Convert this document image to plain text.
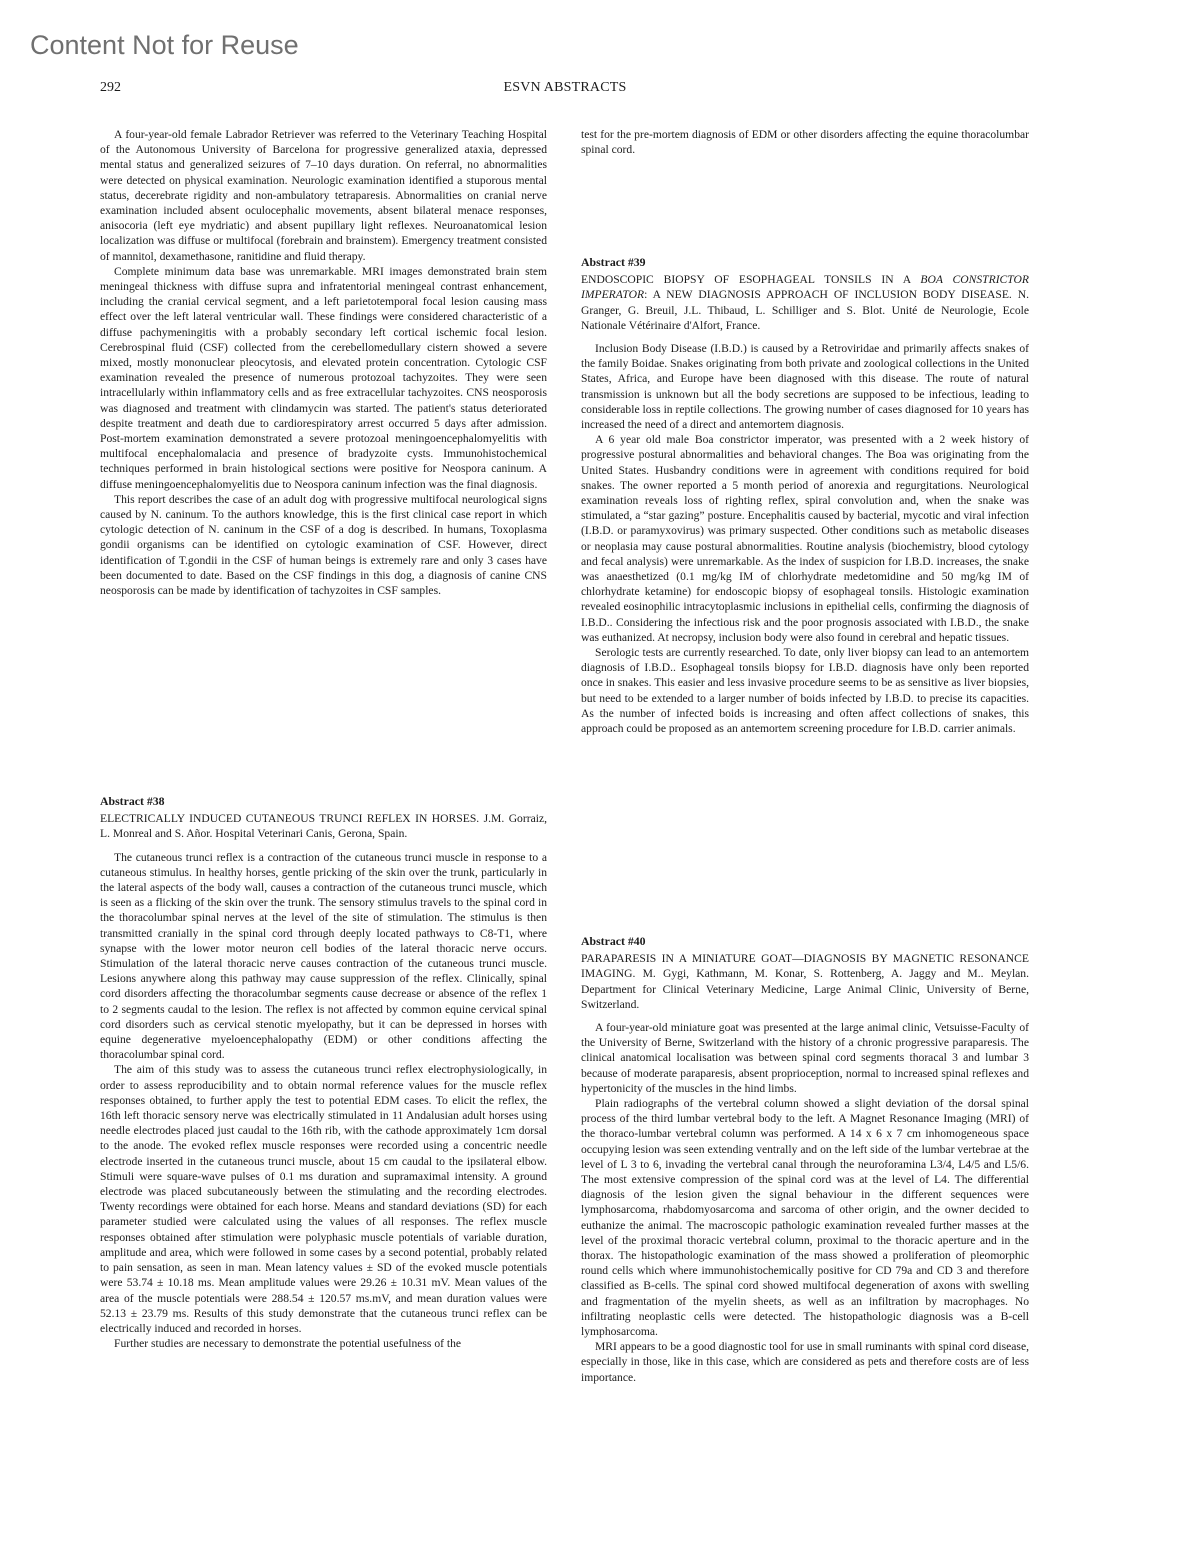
Content Not for Reuse
292	ESVN ABSTRACTS

A four-year-old female Labrador Retriever was referred to the Veterinary Teaching Hospital of the Autonomous University of Barcelona for progressive generalized ataxia, depressed mental status and generalized seizures of 7–10 days duration. On referral, no abnormalities were detected on physical examination. Neurologic examination identified a stuporous mental status, decerebrate rigidity and non-ambulatory tetraparesis. Abnormalities on cranial nerve examination included absent oculocephalic movements, absent bilateral menace responses, anisocoria (left eye mydriatic) and absent pupillary light reflexes. Neuroanatomical lesion localization was diffuse or multifocal (forebrain and brainstem). Emergency treatment consisted of mannitol, dexamethasone, ranitidine and fluid therapy.

Complete minimum data base was unremarkable. MRI images demonstrated brain stem meningeal thickness with diffuse supra and infratentorial meningeal contrast enhancement, including the cranial cervical segment, and a left parietotemporal focal lesion causing mass effect over the left lateral ventricular wall. These findings were considered characteristic of a diffuse pachymeningitis with a probably secondary left cortical ischemic focal lesion. Cerebrospinal fluid (CSF) collected from the cerebellomedullary cistern showed a severe mixed, mostly mononuclear pleocytosis, and elevated protein concentration. Cytologic CSF examination revealed the presence of numerous protozoal tachyzoites. They were seen intracellularly within inflammatory cells and as free extracellular tachyzoites. CNS neosporosis was diagnosed and treatment with clindamycin was started. The patient's status deteriorated despite treatment and death due to cardiorespiratory arrest occurred 5 days after admission. Post-mortem examination demonstrated a severe protozoal meningoencephalomyelitis with multifocal encephalomalacia and presence of bradyzoite cysts. Immunohistochemical techniques performed in brain histological sections were positive for Neospora caninum. A diffuse meningoencephalomyelitis due to Neospora caninum infection was the final diagnosis.

This report describes the case of an adult dog with progressive multifocal neurological signs caused by N. caninum. To the authors knowledge, this is the first clinical case report in which cytologic detection of N. caninum in the CSF of a dog is described. In humans, Toxoplasma gondii organisms can be identified on cytologic examination of CSF. However, direct identification of T.gondii in the CSF of human beings is extremely rare and only 3 cases have been documented to date. Based on the CSF findings in this dog, a diagnosis of canine CNS neosporosis can be made by identification of tachyzoites in CSF samples.

Abstract #38
ELECTRICALLY INDUCED CUTANEOUS TRUNCI REFLEX IN HORSES. J.M. Gorraiz, L. Monreal and S. Añor. Hospital Veterinari Canis, Gerona, Spain.

The cutaneous trunci reflex is a contraction of the cutaneous trunci muscle in response to a cutaneous stimulus. In healthy horses, gentle pricking of the skin over the trunk, particularly in the lateral aspects of the body wall, causes a contraction of the cutaneous trunci muscle, which is seen as a flicking of the skin over the trunk. The sensory stimulus travels to the spinal cord in the thoracolumbar spinal nerves at the level of the site of stimulation. The stimulus is then transmitted cranially in the spinal cord through deeply located pathways to C8-T1, where synapse with the lower motor neuron cell bodies of the lateral thoracic nerve occurs. Stimulation of the lateral thoracic nerve causes contraction of the cutaneous trunci muscle. Lesions anywhere along this pathway may cause suppression of the reflex. Clinically, spinal cord disorders affecting the thoracolumbar segments cause decrease or absence of the reflex 1 to 2 segments caudal to the lesion. The reflex is not affected by common equine cervical spinal cord disorders such as cervical stenotic myelopathy, but it can be depressed in horses with equine degenerative myeloencephalopathy (EDM) or other conditions affecting the thoracolumbar spinal cord.

The aim of this study was to assess the cutaneous trunci reflex electrophysiologically, in order to assess reproducibility and to obtain normal reference values for the muscle reflex responses obtained, to further apply the test to potential EDM cases. To elicit the reflex, the 16th left thoracic sensory nerve was electrically stimulated in 11 Andalusian adult horses using needle electrodes placed just caudal to the 16th rib, with the cathode approximately 1cm dorsal to the anode. The evoked reflex muscle responses were recorded using a concentric needle electrode inserted in the cutaneous trunci muscle, about 15 cm caudal to the ipsilateral elbow. Stimuli were square-wave pulses of 0.1 ms duration and supramaximal intensity. A ground electrode was placed subcutaneously between the stimulating and the recording electrodes. Twenty recordings were obtained for each horse. Means and standard deviations (SD) for each parameter studied were calculated using the values of all responses. The reflex muscle responses obtained after stimulation were polyphasic muscle potentials of variable duration, amplitude and area, which were followed in some cases by a second potential, probably related to pain sensation, as seen in man. Mean latency values ± SD of the evoked muscle potentials were 53.74 ± 10.18 ms. Mean amplitude values were 29.26 ± 10.31 mV. Mean values of the area of the muscle potentials were 288.54 ± 120.57 ms.mV, and mean duration values were 52.13 ± 23.79 ms. Results of this study demonstrate that the cutaneous trunci reflex can be electrically induced and recorded in horses.

Further studies are necessary to demonstrate the potential usefulness of the

test for the pre-mortem diagnosis of EDM or other disorders affecting the equine thoracolumbar spinal cord.

Abstract #39
ENDOSCOPIC BIOPSY OF ESOPHAGEAL TONSILS IN A BOA CONSTRICTOR IMPERATOR: A NEW DIAGNOSIS APPROACH OF INCLUSION BODY DISEASE. N. Granger, G. Breuil, J.L. Thibaud, L. Schilliger and S. Blot. Unité de Neurologie, Ecole Nationale Vétérinaire d'Alfort, France.

Inclusion Body Disease (I.B.D.) is caused by a Retroviridae and primarily affects snakes of the family Boidae. Snakes originating from both private and zoological collections in the United States, Africa, and Europe have been diagnosed with this disease. The route of natural transmission is unknown but all the body secretions are supposed to be infectious, leading to considerable loss in reptile collections. The growing number of cases diagnosed for 10 years has increased the need of a direct and antemortem diagnosis.

A 6 year old male Boa constrictor imperator, was presented with a 2 week history of progressive postural abnormalities and behavioral changes. The Boa was originating from the United States. Husbandry conditions were in agreement with conditions required for boid snakes. The owner reported a 5 month period of anorexia and regurgitations. Neurological examination reveals loss of righting reflex, spiral convolution and, when the snake was stimulated, a “star gazing” posture. Encephalitis caused by bacterial, mycotic and viral infection (I.B.D. or paramyxovirus) was primary suspected. Other conditions such as metabolic diseases or neoplasia may cause postural abnormalities. Routine analysis (biochemistry, blood cytology and fecal analysis) were unremarkable. As the index of suspicion for I.B.D. increases, the snake was anaesthetized (0.1 mg/kg IM of chlorhydrate medetomidine and 50 mg/kg IM of chlorhydrate ketamine) for endoscopic biopsy of esophageal tonsils. Histologic examination revealed eosinophilic intracytoplasmic inclusions in epithelial cells, confirming the diagnosis of I.B.D.. Considering the infectious risk and the poor prognosis associated with I.B.D., the snake was euthanized. At necropsy, inclusion body were also found in cerebral and hepatic tissues.

Serologic tests are currently researched. To date, only liver biopsy can lead to an antemortem diagnosis of I.B.D.. Esophageal tonsils biopsy for I.B.D. diagnosis have only been reported once in snakes. This easier and less invasive procedure seems to be as sensitive as liver biopsies, but need to be extended to a larger number of boids infected by I.B.D. to precise its capacities. As the number of infected boids is increasing and often affect collections of snakes, this approach could be proposed as an antemortem screening procedure for I.B.D. carrier animals.

Abstract #40
PARAPARESIS IN A MINIATURE GOAT—DIAGNOSIS BY MAGNETIC RESONANCE IMAGING. M. Gygi, Kathmann, M. Konar, S. Rottenberg, A. Jaggy and M.. Meylan. Department for Clinical Veterinary Medicine, Large Animal Clinic, University of Berne, Switzerland.

A four-year-old miniature goat was presented at the large animal clinic, Vetsuisse-Faculty of the University of Berne, Switzerland with the history of a chronic progressive paraparesis. The clinical anatomical localisation was between spinal cord segments thoracal 3 and lumbar 3 because of moderate paraparesis, absent proprioception, normal to increased spinal reflexes and hypertonicity of the muscles in the hind limbs.

Plain radiographs of the vertebral column showed a slight deviation of the dorsal spinal process of the third lumbar vertebral body to the left. A Magnet Resonance Imaging (MRI) of the thoraco-lumbar vertebral column was performed. A 14 x 6 x 7 cm inhomogeneous space occupying lesion was seen extending ventrally and on the left side of the lumbar vertebrae at the level of L 3 to 6, invading the vertebral canal through the neuroforamina L3/4, L4/5 and L5/6. The most extensive compression of the spinal cord was at the level of L4. The differential diagnosis of the lesion given the signal behaviour in the different sequences were lymphosarcoma, rhabdomyosarcoma and sarcoma of other origin, and the owner decided to euthanize the animal. The macroscopic pathologic examination revealed further masses at the level of the proximal thoracic vertebral column, proximal to the thoracic aperture and in the thorax. The histopathologic examination of the mass showed a proliferation of pleomorphic round cells which where immunohistochemically positive for CD 79a and CD 3 and therefore classified as B-cells. The spinal cord showed multifocal degeneration of axons with swelling and fragmentation of the myelin sheets, as well as an infiltration by macrophages. No infiltrating neoplastic cells were detected. The histopathologic diagnosis was a B-cell lymphosarcoma.

MRI appears to be a good diagnostic tool for use in small ruminants with spinal cord disease, especially in those, like in this case, which are considered as pets and therefore costs are of less importance.
